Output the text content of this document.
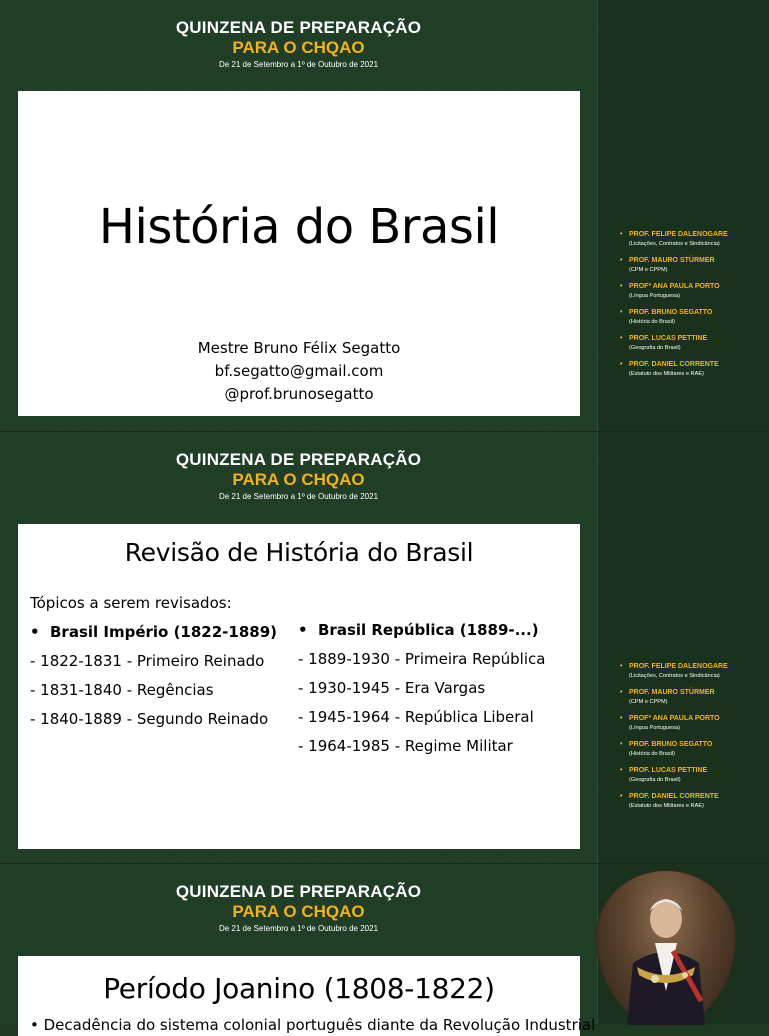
QUINZENA DE PREPARAÇÃO
PARA O CHQAO
De 21 de Setembro a 1º de Outubro de 2021
História do Brasil
Mestre Bruno Félix Segatto
bf.segatto@gmail.com
@prof.brunosegatto
• PROF. FELIPE DALENOGARE
(Licitações, Contratos e Sindicância)
• PROF. MAURO STÜRMER
(CPM e CPPM)
• PROFª ANA PAULA PORTO
(Língua Portuguesa)
• PROF. BRUNO SEGATTO
(História do Brasil)
• PROF. LUCAS PETTINE
(Geografia do Brasil)
• PROF. DANIEL CORRENTE
(Estatuto dos Militares e RAE)
QUINZENA DE PREPARAÇÃO
PARA O CHQAO
De 21 de Setembro a 1º de Outubro de 2021
Revisão de História do Brasil
Tópicos a serem revisados:
• Brasil Império (1822-1889)
- 1822-1831 - Primeiro Reinado
- 1831-1840 - Regências
- 1840-1889 - Segundo Reinado
• Brasil República (1889-...)
- 1889-1930 - Primeira República
- 1930-1945 - Era Vargas
- 1945-1964 - República Liberal
- 1964-1985 - Regime Militar
• PROF. FELIPE DALENOGARE
(Licitações, Contratos e Sindicância)
• PROF. MAURO STÜRMER
(CPM e CPPM)
• PROFª ANA PAULA PORTO
(Língua Portuguesa)
• PROF. BRUNO SEGATTO
(História do Brasil)
• PROF. LUCAS PETTINE
(Geografia do Brasil)
• PROF. DANIEL CORRENTE
(Estatuto dos Militares e RAE)
QUINZENA DE PREPARAÇÃO
PARA O CHQAO
De 21 de Setembro a 1º de Outubro de 2021
Período Joanino (1808-1822)
• Decadência do sistema colonial português diante da Revolução Industrial
